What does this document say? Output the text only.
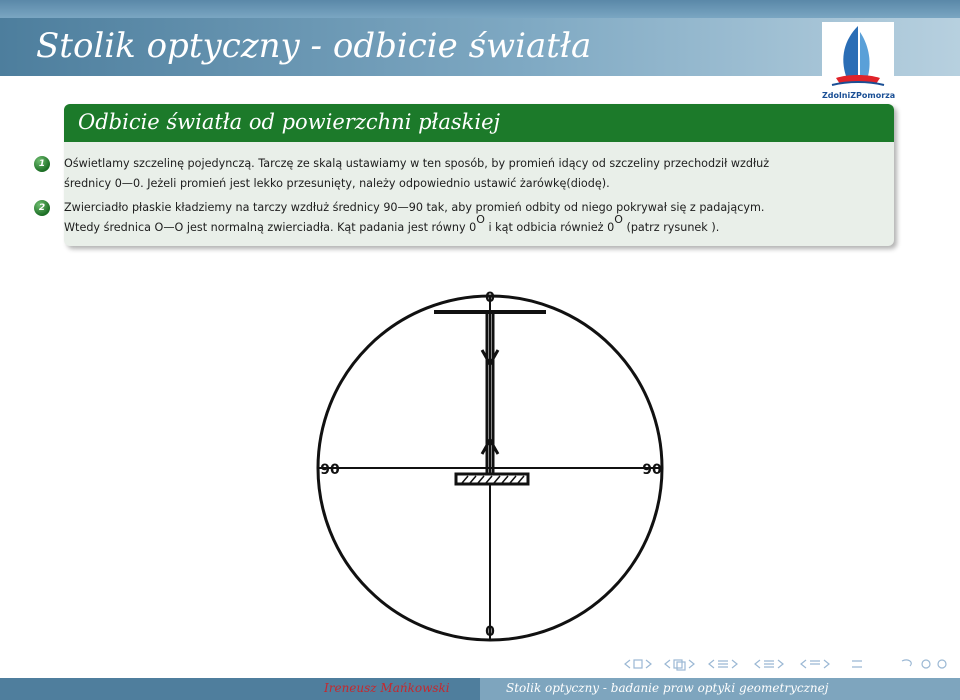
Stolik optyczny - odbicie światła
ZdolniZPomorza
Odbicie światła od powierzchni płaskiej
1	Oświetlamy szczelinę pojedynczą. Tarczę ze skalą ustawiamy w ten sposób, by promień idący od szczeliny przechodził wzdłuż
średnicy 0—0. Jeżeli promień jest lekko przesunięty, należy odpowiednio ustawić żarówkę(diodę).
2	Zwierciadło płaskie kładziemy na tarczy wzdłuż średnicy 90—90 tak, aby promień odbity od niego pokrywał się z padającym.
Wtedy średnica O—O jest normalną zwierciadła. Kąt padania jest równy 0O i kąt odbicia również 0O (patrz rysunek ).
0
0
90	90
Ireneusz Mańkowski	Stolik optyczny - badanie praw optyki geometrycznej
